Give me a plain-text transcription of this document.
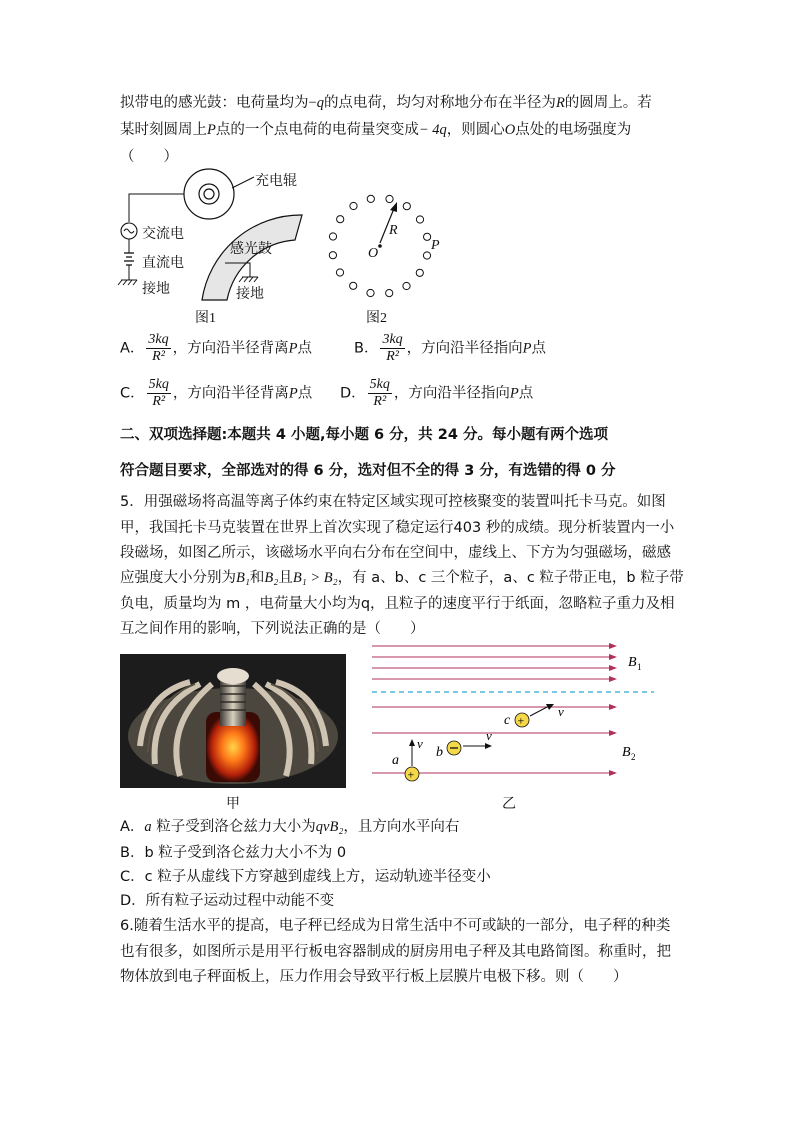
拟带电的感光鼓：电荷量均为−q的点电荷，均匀对称地分布在半径为R的圆周上。若
某时刻圆周上P点的一个点电荷的电荷量突变成− 4q，则圆心O点处的电场强度为
（　　）
充电辊
交流电
直流电
接地
感光鼓
接地
图1
R
O
P
图2
A． $\frac{3kq}{\text{R²}}$ ，方向沿半径背离P点	B． $\frac{3kq}{\text{R²}}$ ，方向沿半径指向P点
C． $\frac{5kq}{\text{R²}}$ ，方向沿半径背离P点 D． $\frac{5kq}{\text{R²}}$ ，方向沿半径指向P点
二、双项选择题:本题共 4 小题,每小题 6 分，共 24 分。每小题有两个选项
符合题目要求，全部选对的得 6 分，选对但不全的得 3 分，有选错的得 0 分
5．用强磁场将高温等离子体约束在特定区域实现可控核聚变的装置叫托卡马克。如图
甲，我国托卡马克装置在世界上首次实现了稳定运行403 秒的成绩。现分析装置内一小
段磁场，如图乙所示，该磁场水平向右分布在空间中，虚线上、下方为匀强磁场，磁感
应强度大小分别为B₁和B₂且B₁ > B₂，有 a、b、c 三个粒子，a、c 粒子带正电，b 粒子带
负电，质量均为 m ，电荷量大小均为q，且粒子的速度平行于纸面，忽略粒子重力及相
互之间作用的影响，下列说法正确的是（　　）
甲
B 1
B 2
c +
v
b
v
a
+
v
乙
A．a 粒子受到洛仑兹力大小为qvB₂，且方向水平向右
B．b 粒子受到洛仑兹力大小不为 0
C．c 粒子从虚线下方穿越到虚线上方，运动轨迹半径变小
D．所有粒子运动过程中动能不变
6.随着生活水平的提高，电子秤已经成为日常生活中不可或缺的一部分，电子秤的种类
也有很多，如图所示是用平行板电容器制成的厨房用电子秤及其电路简图。称重时，把
物体放到电子秤面板上，压力作用会导致平行板上层膜片电极下移。则（　　）
